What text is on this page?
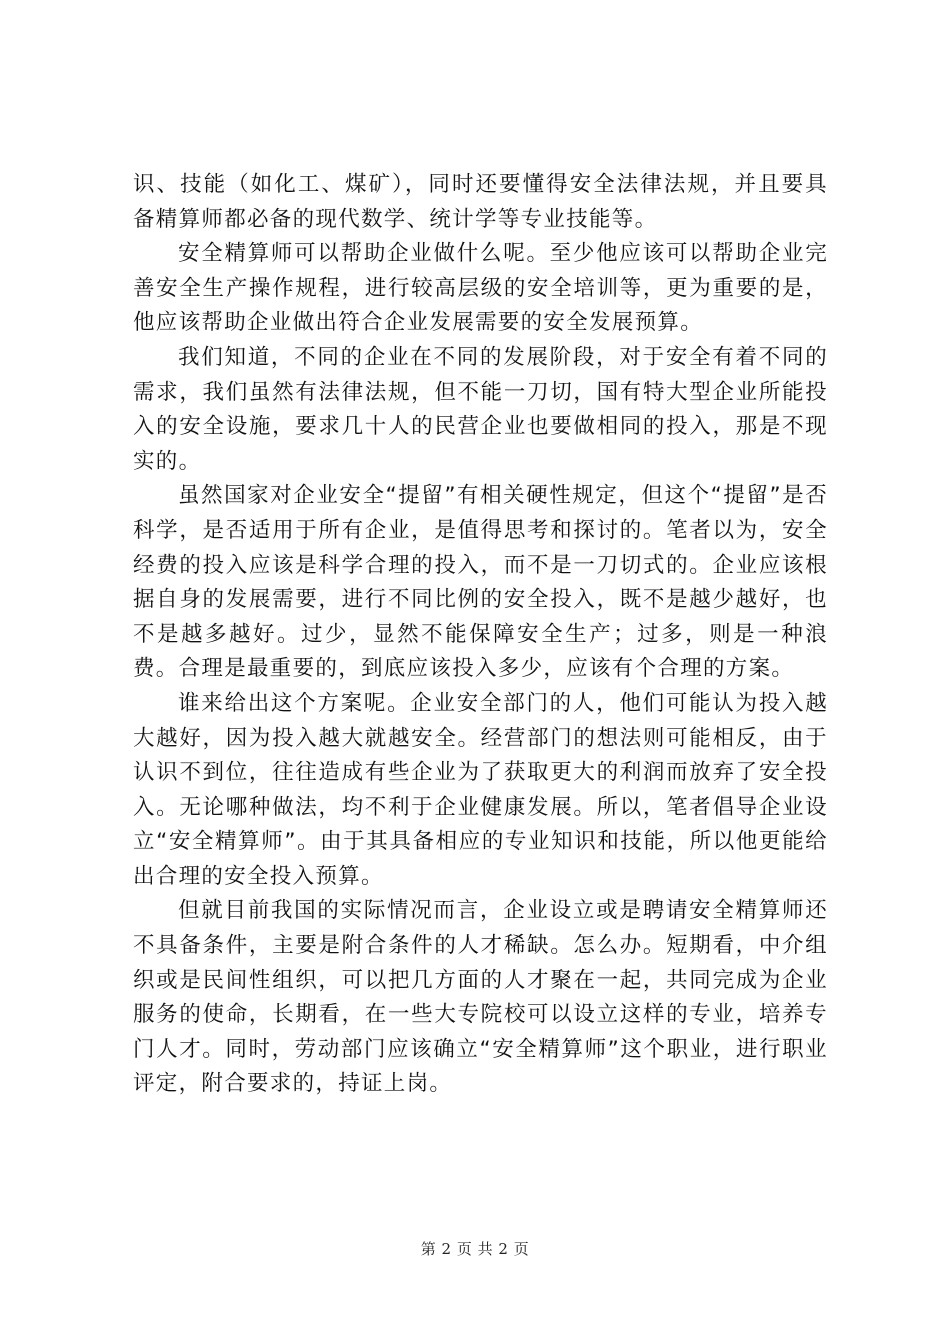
识、技能（如化工、煤矿），同时还要懂得安全法律法规，并且要具备精算师都必备的现代数学、统计学等专业技能等。

安全精算师可以帮助企业做什么呢。至少他应该可以帮助企业完善安全生产操作规程，进行较高层级的安全培训等，更为重要的是，他应该帮助企业做出符合企业发展需要的安全发展预算。

我们知道，不同的企业在不同的发展阶段，对于安全有着不同的需求，我们虽然有法律法规，但不能一刀切，国有特大型企业所能投入的安全设施，要求几十人的民营企业也要做相同的投入，那是不现实的。

虽然国家对企业安全“提留”有相关硬性规定，但这个“提留”是否科学，是否适用于所有企业，是值得思考和探讨的。笔者以为，安全经费的投入应该是科学合理的投入，而不是一刀切式的。企业应该根据自身的发展需要，进行不同比例的安全投入，既不是越少越好，也不是越多越好。过少，显然不能保障安全生产；过多，则是一种浪费。合理是最重要的，到底应该投入多少，应该有个合理的方案。

谁来给出这个方案呢。企业安全部门的人，他们可能认为投入越大越好，因为投入越大就越安全。经营部门的想法则可能相反，由于认识不到位，往往造成有些企业为了获取更大的利润而放弃了安全投入。无论哪种做法，均不利于企业健康发展。所以，笔者倡导企业设立“安全精算师”。由于其具备相应的专业知识和技能，所以他更能给出合理的安全投入预算。

但就目前我国的实际情况而言，企业设立或是聘请安全精算师还不具备条件，主要是附合条件的人才稀缺。怎么办。短期看，中介组织或是民间性组织，可以把几方面的人才聚在一起，共同完成为企业服务的使命，长期看，在一些大专院校可以设立这样的专业，培养专门人才。同时，劳动部门应该确立“安全精算师”这个职业，进行职业评定，附合要求的，持证上岗。

第 2 页 共 2 页
